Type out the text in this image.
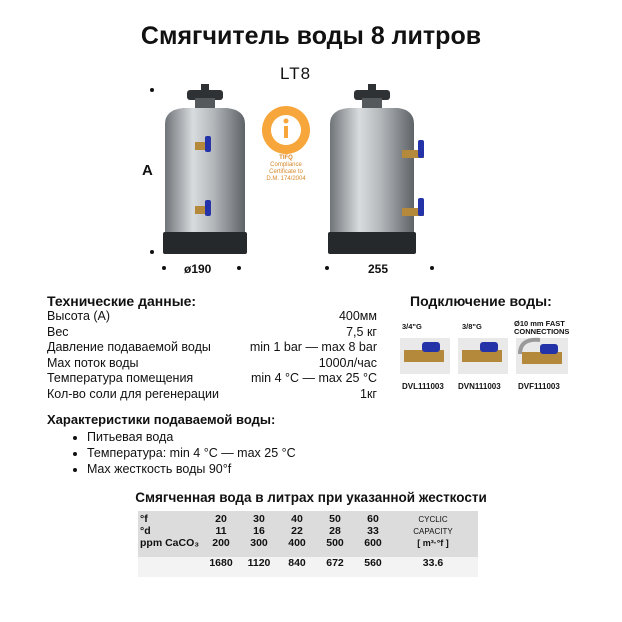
Смягчитель воды 8 литров
LT8
A
ø190	255
TIFQ
Compliance
Certificate to
D.M. 174/2004
Технические данные:
Высота (А)	400мм
Вес	7,5 кг
Давление подаваемой воды	min 1 bar — max 8 bar
Max поток воды	1000л/час
Температура помещения	min 4 °C — max 25 °C
Кол-во соли для регенерации	1кг
Подключение воды:
3/4"G	3/8"G	Ø10 mm FAST CONNECTIONS
DVL111003 DVN111003 DVF111003
Характеристики подаваемой воды:
• Питьевая вода
• Температура: min 4 °C — max 25 °C
• Max жесткость воды 90°f
Смягченная вода в литрах при указанной жесткости
°f	20	30	40	50	60	CYCLIC
°d	11	16	22	28	33	CAPACITY
ppm CaCO₃	200	300	400	500	600	[ m³·°f ]

	1680	1120	840	672	560	33.6
